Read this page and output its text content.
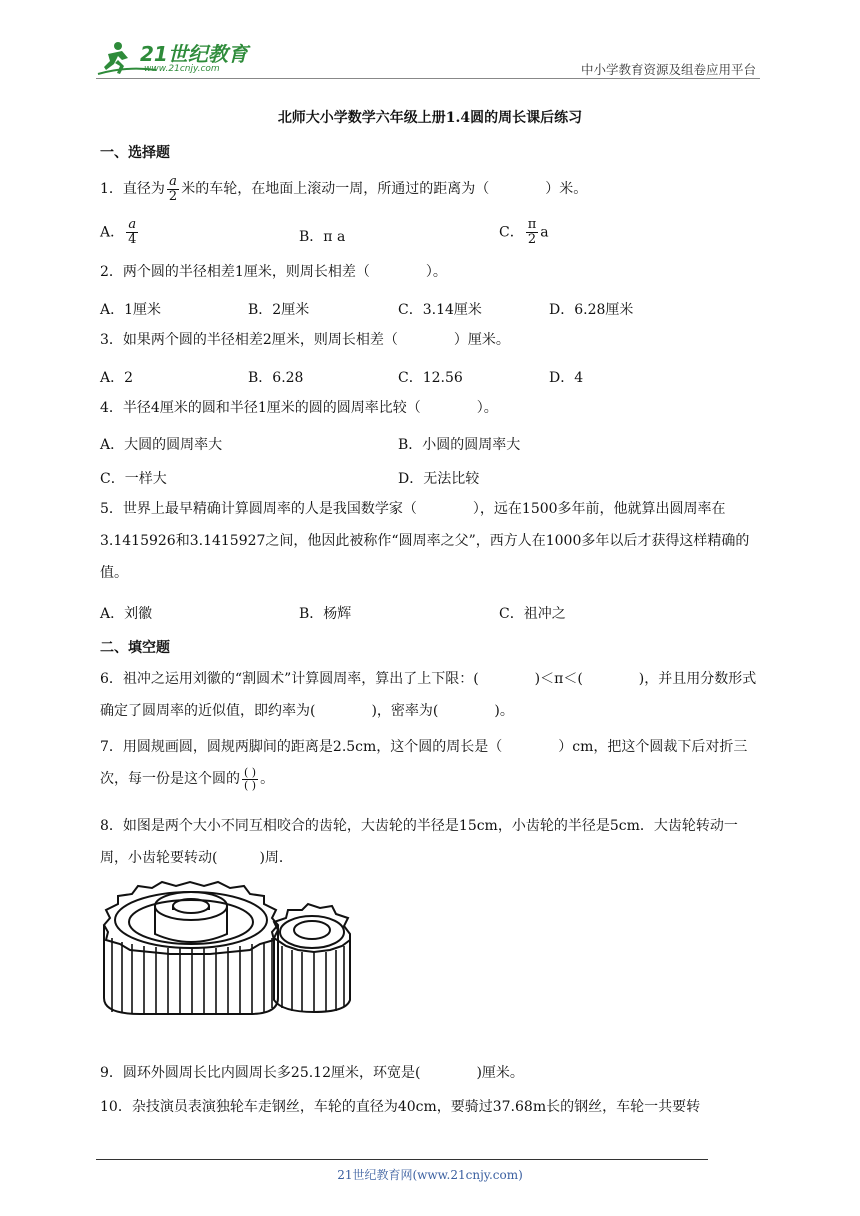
21世纪教育
www.21cnjy.com	中小学教育资源及组卷应用平台
北师大小学数学六年级上册1.4圆的周长课后练习
一、选择题
1．直径为 $\frac{a}{2}$ 米的车轮，在地面上滚动一周，所通过的距离为（　　　　）米。
A． $\frac{a}{4}$	B．π a	C． $\frac{\pi}{2}$ a
2．两个圆的半径相差1厘米，则周长相差（　　　　）。
A．1厘米	B．2厘米	C．3.14厘米	D．6.28厘米
3．如果两个圆的半径相差2厘米，则周长相差（　　　　）厘米。
A．2	B．6.28	C．12.56	D．4
4．半径4厘米的圆和半径1厘米的圆的圆周率比较（　　　　）。
A．大圆的圆周率大	B．小圆的圆周率大
C．一样大	D．无法比较
5．世界上最早精确计算圆周率的人是我国数学家（　　　　），远在1500多年前，他就算出圆周率在3.1415926和3.1415927之间，他因此被称作“圆周率之父”，西方人在1000多年以后才获得这样精确的值。
A．刘徽	B．杨辉	C．祖冲之
二、填空题
6．祖冲之运用刘徽的“割圆术”计算圆周率，算出了上下限：(　　　　)＜π＜(　　　　)，并且用分数形式确定了圆周率的近似值，即约率为(　　　　)，密率为(　　　　)。
7．用圆规画圆，圆规两脚间的距离是2.5cm，这个圆的周长是（　　　　）cm，把这个圆裁下后对折三次，每一份是这个圆的 $\frac{( )}{( )}$ 。
8．如图是两个大小不同互相咬合的齿轮，大齿轮的半径是15cm，小齿轮的半径是5cm．大齿轮转动一周，小齿轮要转动(　　　)周．
9．圆环外圆周长比内圆周长多25.12厘米，环宽是(　　　　)厘米。
10．杂技演员表演独轮车走钢丝，车轮的直径为40cm，要骑过37.68m长的钢丝，车轮一共要转
21世纪教育网(www.21cnjy.com)
